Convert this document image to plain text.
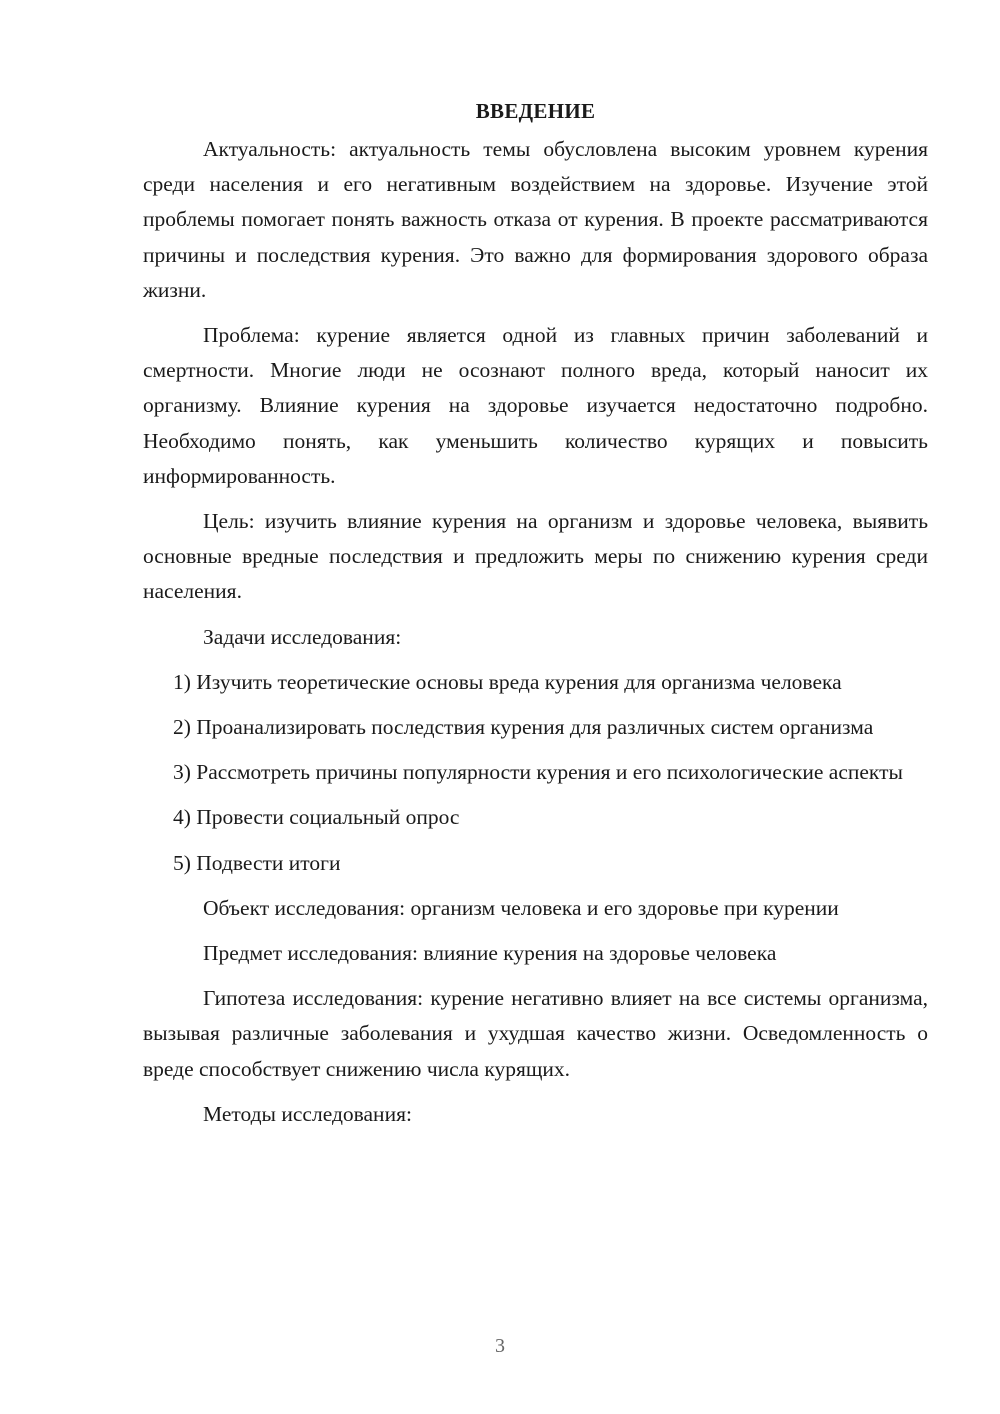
ВВЕДЕНИЕ

Актуальность: актуальность темы обусловлена высоким уровнем курения среди населения и его негативным воздействием на здоровье. Изучение этой проблемы помогает понять важность отказа от курения. В проекте рассматриваются причины и последствия курения. Это важно для формирования здорового образа жизни.

Проблема: курение является одной из главных причин заболеваний и смертности. Многие люди не осознают полного вреда, который наносит их организму. Влияние курения на здоровье изучается недостаточно подробно. Необходимо понять, как уменьшить количество курящих и повысить информированность.

Цель: изучить влияние курения на организм и здоровье человека, выявить основные вредные последствия и предложить меры по снижению курения среди населения.

Задачи исследования:

1) Изучить теоретические основы вреда курения для организма человека

2) Проанализировать последствия курения для различных систем организма

3) Рассмотреть причины популярности курения и его психологические аспекты

4) Провести социальный опрос

5) Подвести итоги

Объект исследования: организм человека и его здоровье при курении

Предмет исследования: влияние курения на здоровье человека

Гипотеза исследования: курение негативно влияет на все системы организма, вызывая различные заболевания и ухудшая качество жизни. Осведомленность о вреде способствует снижению числа курящих.

Методы исследования:

3
